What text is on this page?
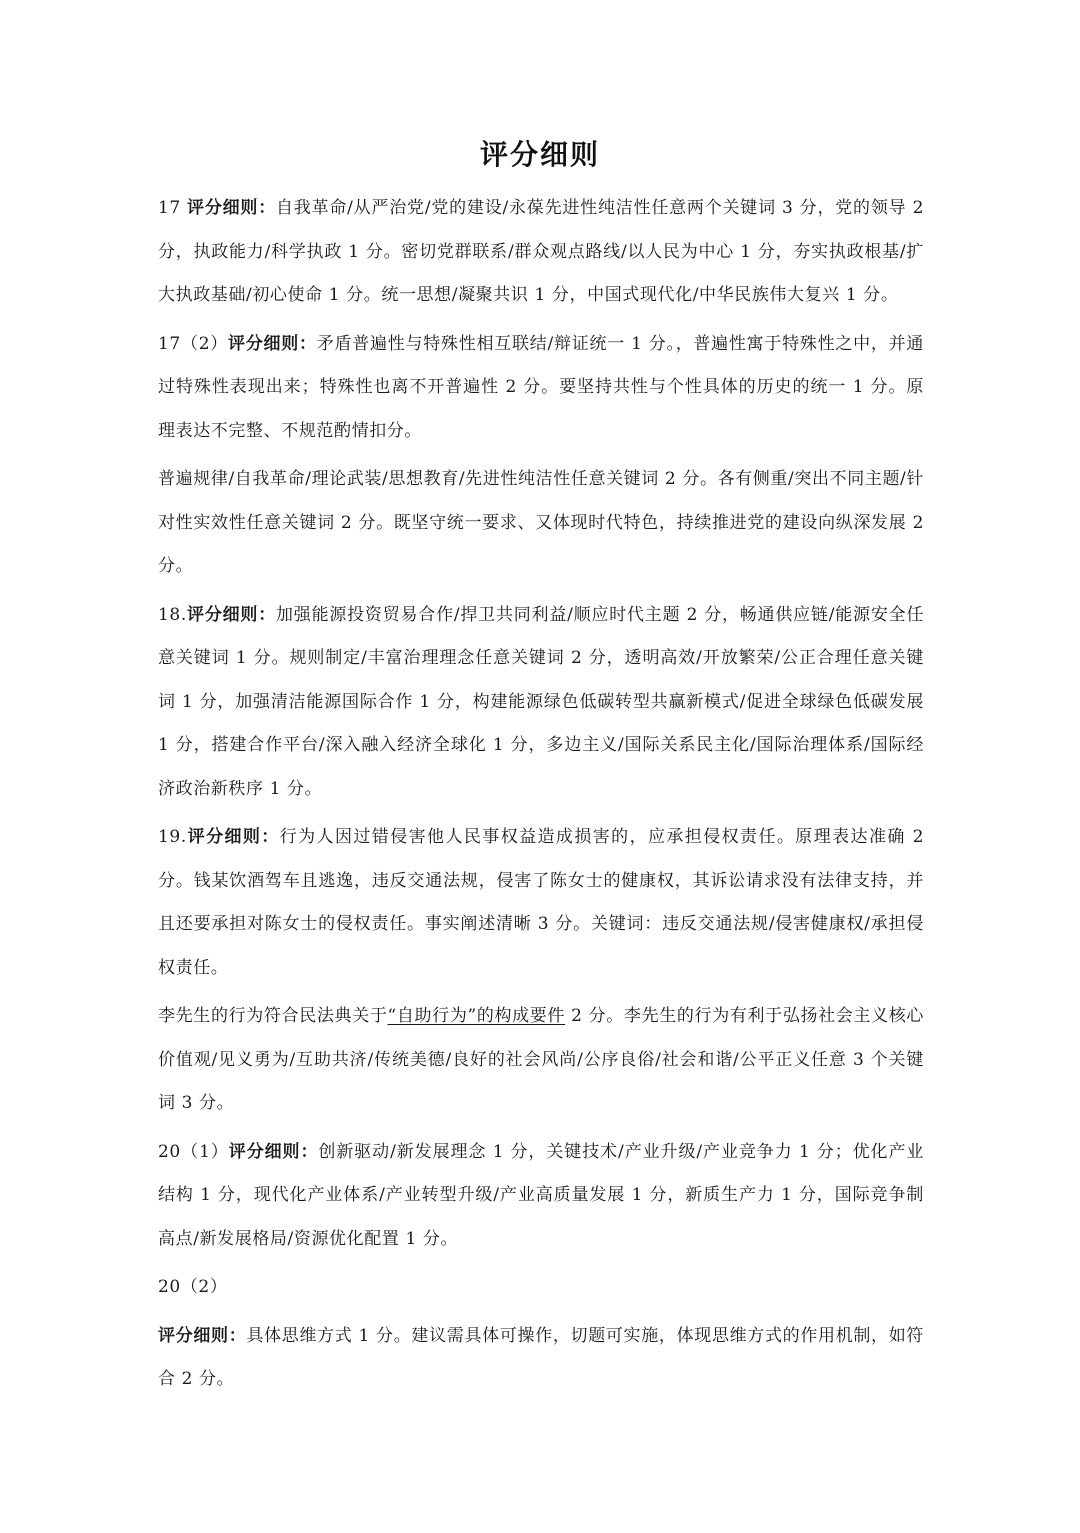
评分细则

17 评分细则：自我革命/从严治党/党的建设/永葆先进性纯洁性任意两个关键词 3 分，党的领导 2 分，执政能力/科学执政 1 分。密切党群联系/群众观点路线/以人民为中心 1 分，夯实执政根基/扩大执政基础/初心使命 1 分。统一思想/凝聚共识 1 分，中国式现代化/中华民族伟大复兴 1 分。

17（2）评分细则：矛盾普遍性与特殊性相互联结/辩证统一 1 分。，普遍性寓于特殊性之中，并通过特殊性表现出来；特殊性也离不开普遍性 2 分。要坚持共性与个性具体的历史的统一 1 分。原理表达不完整、不规范酌情扣分。

普遍规律/自我革命/理论武装/思想教育/先进性纯洁性任意关键词 2 分。各有侧重/突出不同主题/针对性实效性任意关键词 2 分。既坚守统一要求、又体现时代特色，持续推进党的建设向纵深发展 2 分。

18.评分细则：加强能源投资贸易合作/捍卫共同利益/顺应时代主题 2 分，畅通供应链/能源安全任意关键词 1 分。规则制定/丰富治理理念任意关键词 2 分，透明高效/开放繁荣/公正合理任意关键词 1 分，加强清洁能源国际合作 1 分，构建能源绿色低碳转型共赢新模式/促进全球绿色低碳发展 1 分，搭建合作平台/深入融入经济全球化 1 分，多边主义/国际关系民主化/国际治理体系/国际经济政治新秩序 1 分。

19.评分细则：行为人因过错侵害他人民事权益造成损害的，应承担侵权责任。原理表达准确 2 分。钱某饮酒驾车且逃逸，违反交通法规，侵害了陈女士的健康权，其诉讼请求没有法律支持，并且还要承担对陈女士的侵权责任。事实阐述清晰 3 分。关键词：违反交通法规/侵害健康权/承担侵权责任。

李先生的行为符合民法典关于“自助行为”的构成要件 2 分。李先生的行为有利于弘扬社会主义核心价值观/见义勇为/互助共济/传统美德/良好的社会风尚/公序良俗/社会和谐/公平正义任意 3 个关键词 3 分。

20（1）评分细则：创新驱动/新发展理念 1 分，关键技术/产业升级/产业竞争力 1 分；优化产业结构 1 分，现代化产业体系/产业转型升级/产业高质量发展 1 分，新质生产力 1 分，国际竞争制高点/新发展格局/资源优化配置 1 分。

20（2）

评分细则：具体思维方式 1 分。建议需具体可操作，切题可实施，体现思维方式的作用机制，如符合 2 分。
